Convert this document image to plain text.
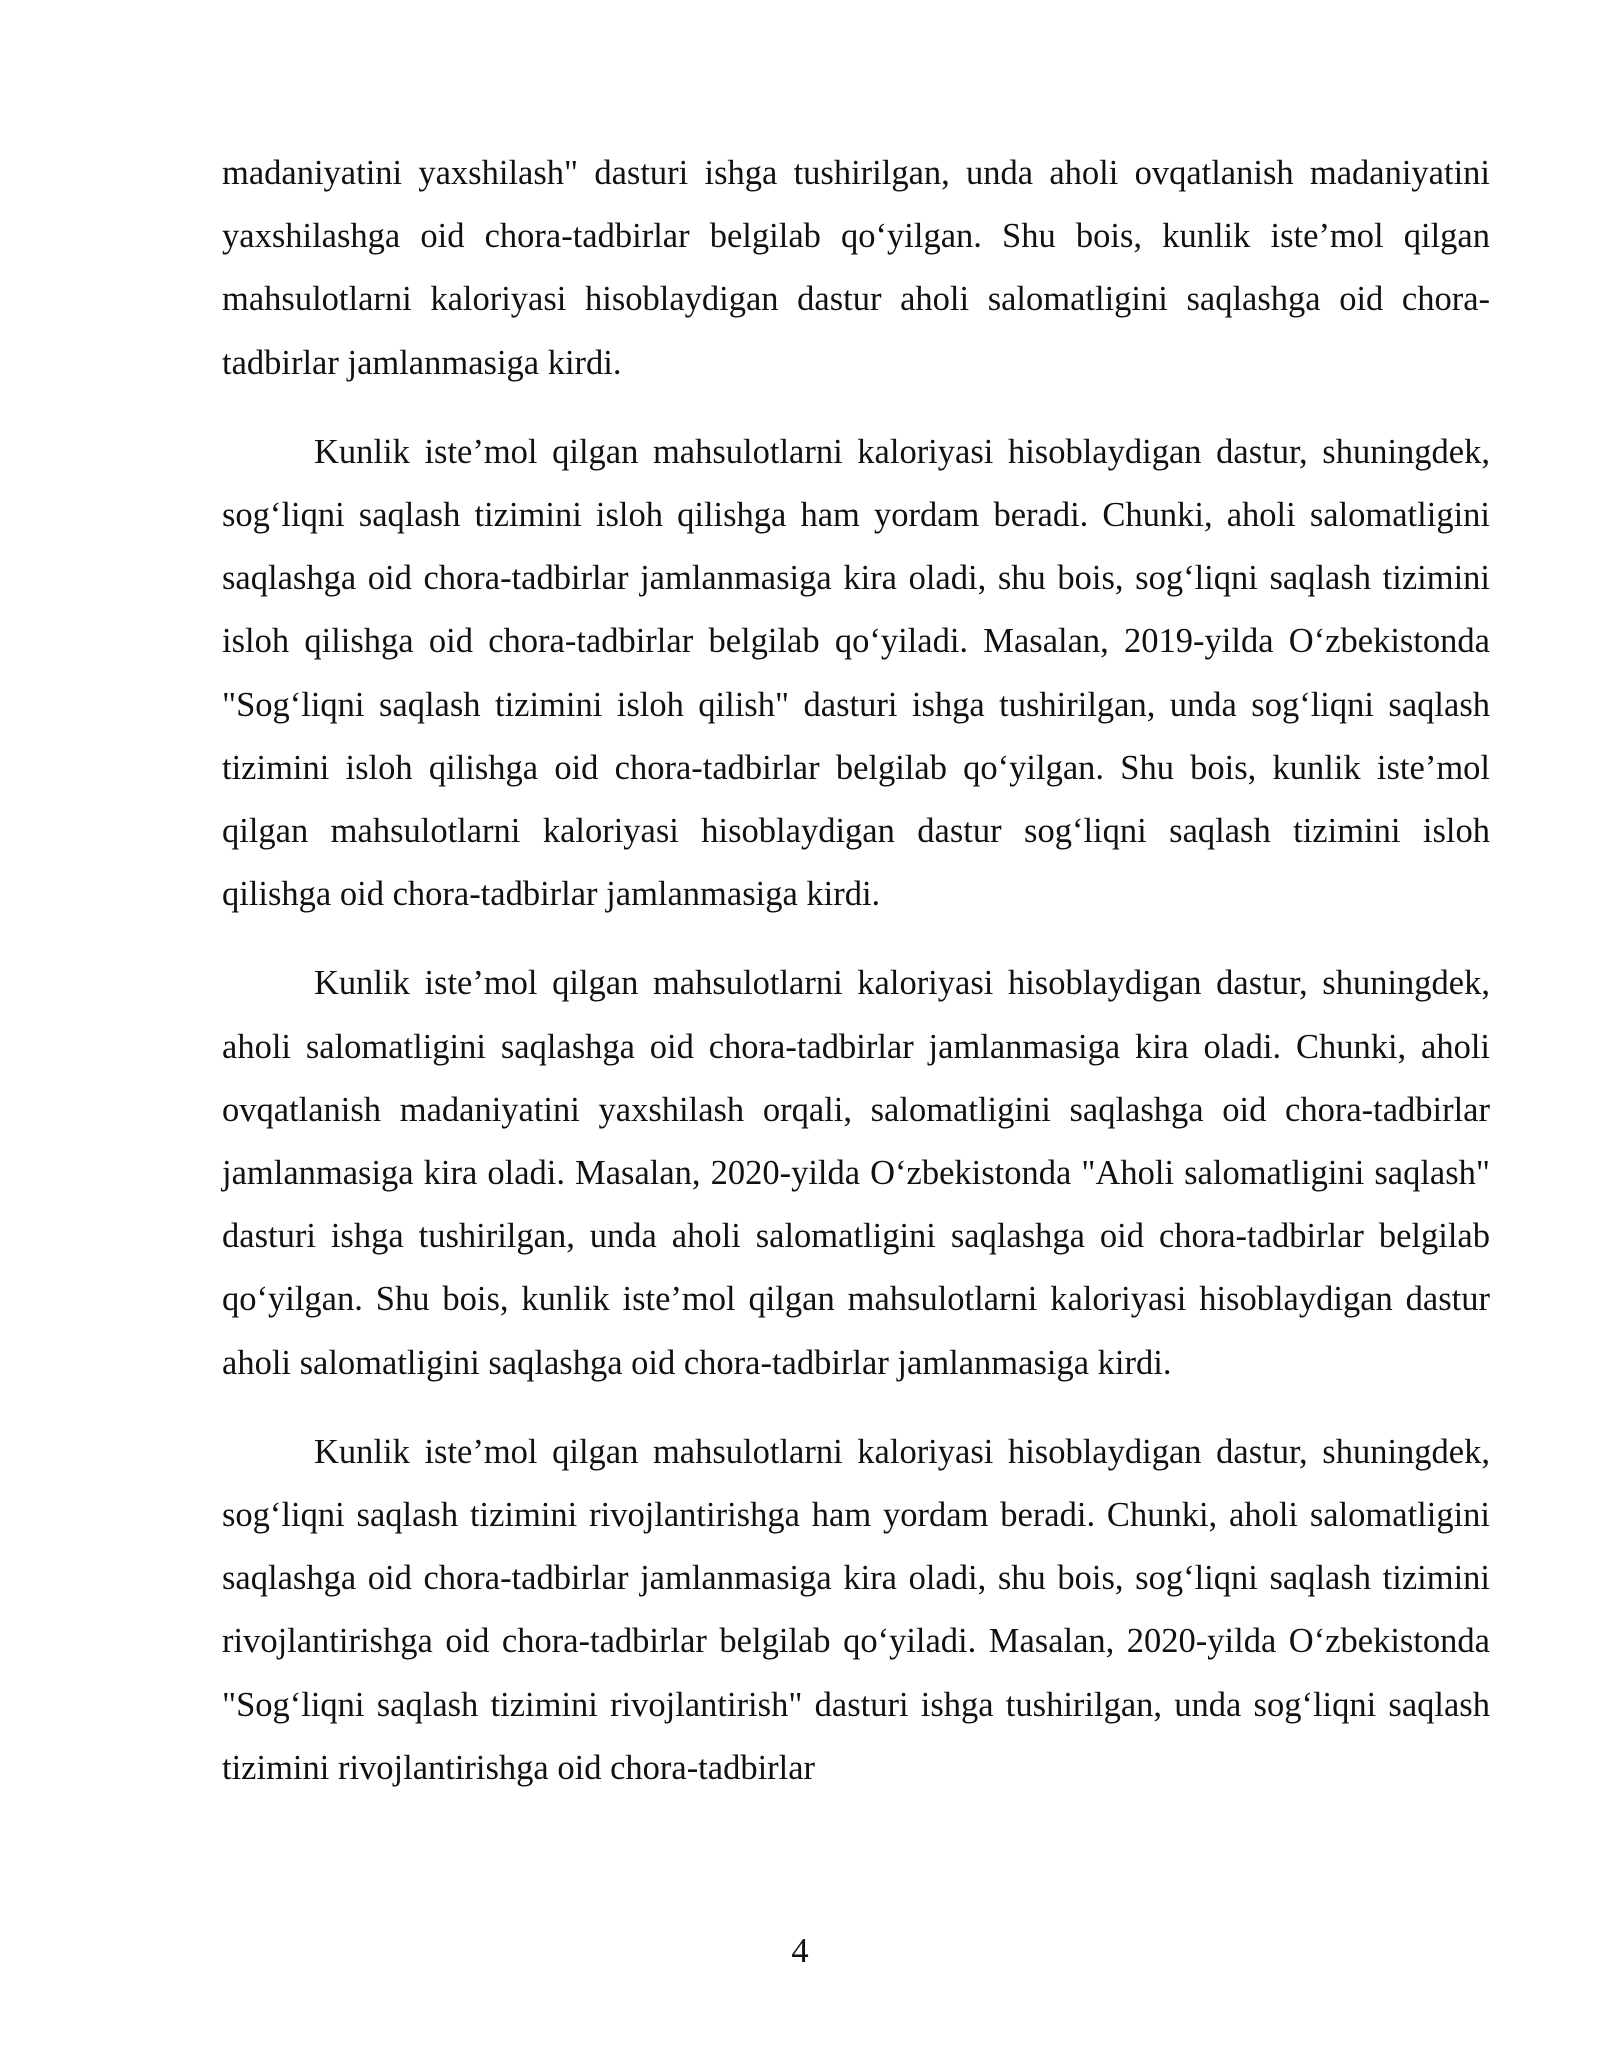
madaniyatini yaxshilash" dasturi ishga tushirilgan, unda aholi ovqatlanish madaniyatini yaxshilashga oid chora-tadbirlar belgilab qo‘yilgan. Shu bois, kunlik iste’mol qilgan mahsulotlarni kaloriyasi hisoblaydigan dastur aholi salomatligini saqlashga oid chora-tadbirlar jamlanmasiga kirdi.

Kunlik iste’mol qilgan mahsulotlarni kaloriyasi hisoblaydigan dastur, shuningdek, sog‘liqni saqlash tizimini isloh qilishga ham yordam beradi. Chunki, aholi salomatligini saqlashga oid chora-tadbirlar jamlanmasiga kira oladi, shu bois, sog‘liqni saqlash tizimini isloh qilishga oid chora-tadbirlar belgilab qo‘yiladi. Masalan, 2019-yilda O‘zbekistonda "Sog‘liqni saqlash tizimini isloh qilish" dasturi ishga tushirilgan, unda sog‘liqni saqlash tizimini isloh qilishga oid chora-tadbirlar belgilab qo‘yilgan. Shu bois, kunlik iste’mol qilgan mahsulotlarni kaloriyasi hisoblaydigan dastur sog‘liqni saqlash tizimini isloh qilishga oid chora-tadbirlar jamlanmasiga kirdi.

Kunlik iste’mol qilgan mahsulotlarni kaloriyasi hisoblaydigan dastur, shuningdek, aholi salomatligini saqlashga oid chora-tadbirlar jamlanmasiga kira oladi. Chunki, aholi ovqatlanish madaniyatini yaxshilash orqali, salomatligini saqlashga oid chora-tadbirlar jamlanmasiga kira oladi. Masalan, 2020-yilda O‘zbekistonda "Aholi salomatligini saqlash" dasturi ishga tushirilgan, unda aholi salomatligini saqlashga oid chora-tadbirlar belgilab qo‘yilgan. Shu bois, kunlik iste’mol qilgan mahsulotlarni kaloriyasi hisoblaydigan dastur aholi salomatligini saqlashga oid chora-tadbirlar jamlanmasiga kirdi.

Kunlik iste’mol qilgan mahsulotlarni kaloriyasi hisoblaydigan dastur, shuningdek, sog‘liqni saqlash tizimini rivojlantirishga ham yordam beradi. Chunki, aholi salomatligini saqlashga oid chora-tadbirlar jamlanmasiga kira oladi, shu bois, sog‘liqni saqlash tizimini rivojlantirishga oid chora-tadbirlar belgilab qo‘yiladi. Masalan, 2020-yilda O‘zbekistonda "Sog‘liqni saqlash tizimini rivojlantirish" dasturi ishga tushirilgan, unda sog‘liqni saqlash tizimini rivojlantirishga oid chora-tadbirlar

4
